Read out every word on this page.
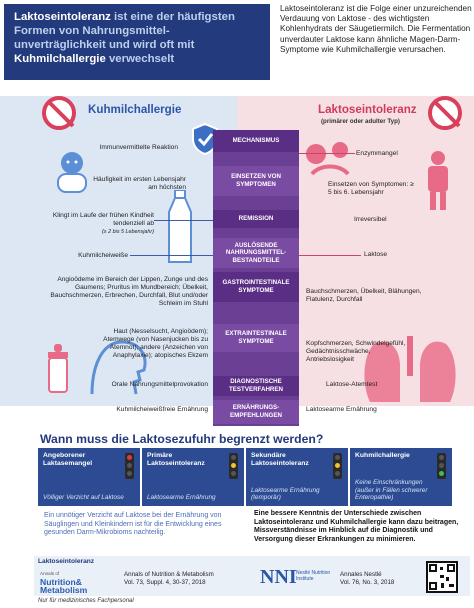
Laktoseintoleranz ist eine der häufigsten Formen von Nahrungsmittel-unverträglichkeit und wird oft mit Kuhmilchallergie verwechselt
Laktoseintoleranz ist die Folge einer unzureichenden Verdauung von Laktose - des wichtigsten Kohlenhydrats der Säugetiermilch. Die Fermentation unverdauter Laktose kann ähnliche Magen-Darm-Symptome wie Kuhmilchallergie verursachen.
Kuhmilchallergie	Laktoseintoleranz
(primärer oder adulter Typ)
MECHANISMUS
EINSETZEN VON SYMPTOMEN
REMISSION
AUSLÖSENDE NAHRUNGSMITTEL-BESTANDTEILE
GASTROINTESTINALE SYMPTOME
EXTRAINTESTINALE SYMPTOME
DIAGNOSTISCHE TESTVERFAHREN
ERNÄHRUNGS-EMPFEHLUNGEN
Immunvermittelte Reaktion
Häufigkeit im ersten Lebensjahr am höchsten
Klingt im Laufe der frühen Kindheit tendenziell ab
(≥ 2 bis 5 Lebensjahr)
Kuhmilcheiweiße
Angioödeme im Bereich der Lippen, Zunge und des Gaumens; Pruritus im Mundbereich; Übelkeit, Bauchschmerzen, Erbrechen, Durchfall, Blut und/oder Schleim im Stuhl
Haut (Nesselsucht, Angioödem); Atemwege (von Nasenjucken bis zu Atemnot); andere (Anzeichen von Anaphylaxie); atopisches Ekzem
Orale Nahrungsmittelprovokation
Kuhmilcheiweißfreie Ernährung
Enzymmangel
Einsetzen von Symptomen: ≥ 5 bis 6. Lebensjahr
Irreversibel
Laktose
Bauchschmerzen, Übelkeit, Blähungen, Flatulenz, Durchfall
Kopfschmerzen, Schwindelgefühl, Gedächtnisschwäche, Antriebslosigkeit
Laktose-Atemtest
Laktosearme Ernährung
Wann muss die Laktosezufuhr begrenzt werden?
Angeborener Laktasemangel
Völliger Verzicht auf Laktose
Primäre Laktoseintoleranz
Laktosearme Ernährung
Sekundäre Laktoseintoleranz
Laktosearme Ernährung (temporär)
Kuhmilchallergie
Keine Einschränkungen (außer in Fällen schwerer Enteropathie)
Ein unnötiger Verzicht auf Laktose bei der Ernährung von Säuglingen und Kleinkindern ist für die Entwicklung eines gesunden Darm-Mikrobioms nachteilig.
Eine bessere Kenntnis der Unterschiede zwischen Laktoseintoleranz und Kuhmilchallergie kann dazu beitragen, Missverständnisse im Hinblick auf die Diagnostik und Versorgung dieser Erkrankungen zu minimieren.
Laktoseintoleranz
Annals of
Nutrition&
Metabolism
Annals of Nutrition & Metabolism
Vol. 73, Suppl. 4, 30-37, 2018	NNI Nestlé Nutrition Institute
Annales Nestlé
Vol. 76, No. 3, 2018
Nur für medizinisches Fachpersonal
